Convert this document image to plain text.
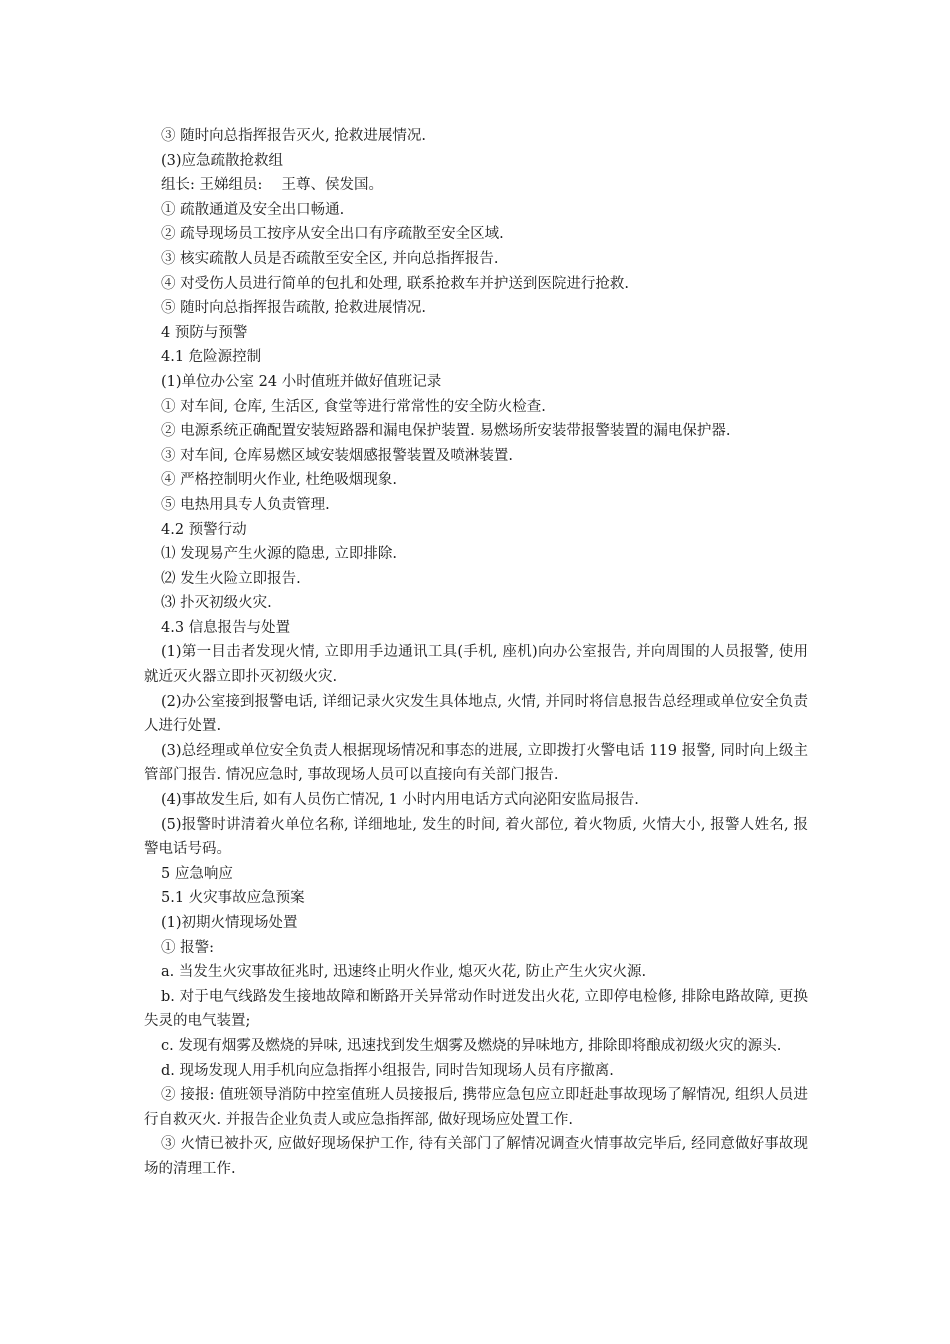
③ 随时向总指挥报告灭火, 抢救进展情况.
(3)应急疏散抢救组
组长: 王娣组员:　 王尊、侯发国。
① 疏散通道及安全出口畅通.
② 疏导现场员工按序从安全出口有序疏散至安全区域.
③ 核实疏散人员是否疏散至安全区, 并向总指挥报告.
④ 对受伤人员进行简单的包扎和处理, 联系抢救车并护送到医院进行抢救.
⑤ 随时向总指挥报告疏散, 抢救进展情况.
4 预防与预警
4.1 危险源控制
(1)单位办公室 24 小时值班并做好值班记录
① 对车间, 仓库, 生活区, 食堂等进行常常性的安全防火检查.
② 电源系统正确配置安装短路器和漏电保护装置. 易燃场所安装带报警装置的漏电保护器.
③ 对车间, 仓库易燃区域安装烟感报警装置及喷淋装置.
④ 严格控制明火作业, 杜绝吸烟现象.
⑤ 电热用具专人负责管理.
4.2 预警行动
⑴ 发现易产生火源的隐患, 立即排除.
⑵ 发生火险立即报告.
⑶ 扑灭初级火灾.
4.3 信息报告与处置
(1)第一目击者发现火情, 立即用手边通讯工具(手机, 座机)向办公室报告, 并向周围的人员报警, 使用就近灭火器立即扑灭初级火灾.
(2)办公室接到报警电话, 详细记录火灾发生具体地点, 火情, 并同时将信息报告总经理或单位安全负责人进行处置.
(3)总经理或单位安全负责人根据现场情况和事态的进展, 立即拨打火警电话 119 报警, 同时向上级主管部门报告. 情况应急时, 事故现场人员可以直接向有关部门报告.
(4)事故发生后, 如有人员伤亡情况, 1 小时内用电话方式向泌阳安监局报告.
(5)报警时讲清着火单位名称, 详细地址, 发生的时间, 着火部位, 着火物质, 火情大小, 报警人姓名, 报警电话号码。
5 应急响应
5.1 火灾事故应急预案
(1)初期火情现场处置
① 报警:
a. 当发生火灾事故征兆时, 迅速终止明火作业, 熄灭火花, 防止产生火灾火源.
b. 对于电气线路发生接地故障和断路开关异常动作时迸发出火花, 立即停电检修, 排除电路故障, 更换失灵的电气装置;
c. 发现有烟雾及燃烧的异味, 迅速找到发生烟雾及燃烧的异味地方, 排除即将酿成初级火灾的源头.
d. 现场发现人用手机向应急指挥小组报告, 同时告知现场人员有序撤离.
② 接报: 值班领导消防中控室值班人员接报后, 携带应急包应立即赶赴事故现场了解情况, 组织人员进行自救灭火. 并报告企业负责人或应急指挥部, 做好现场应处置工作.
③ 火情已被扑灭, 应做好现场保护工作, 待有关部门了解情况调查火情事故完毕后, 经同意做好事故现场的清理工作.
